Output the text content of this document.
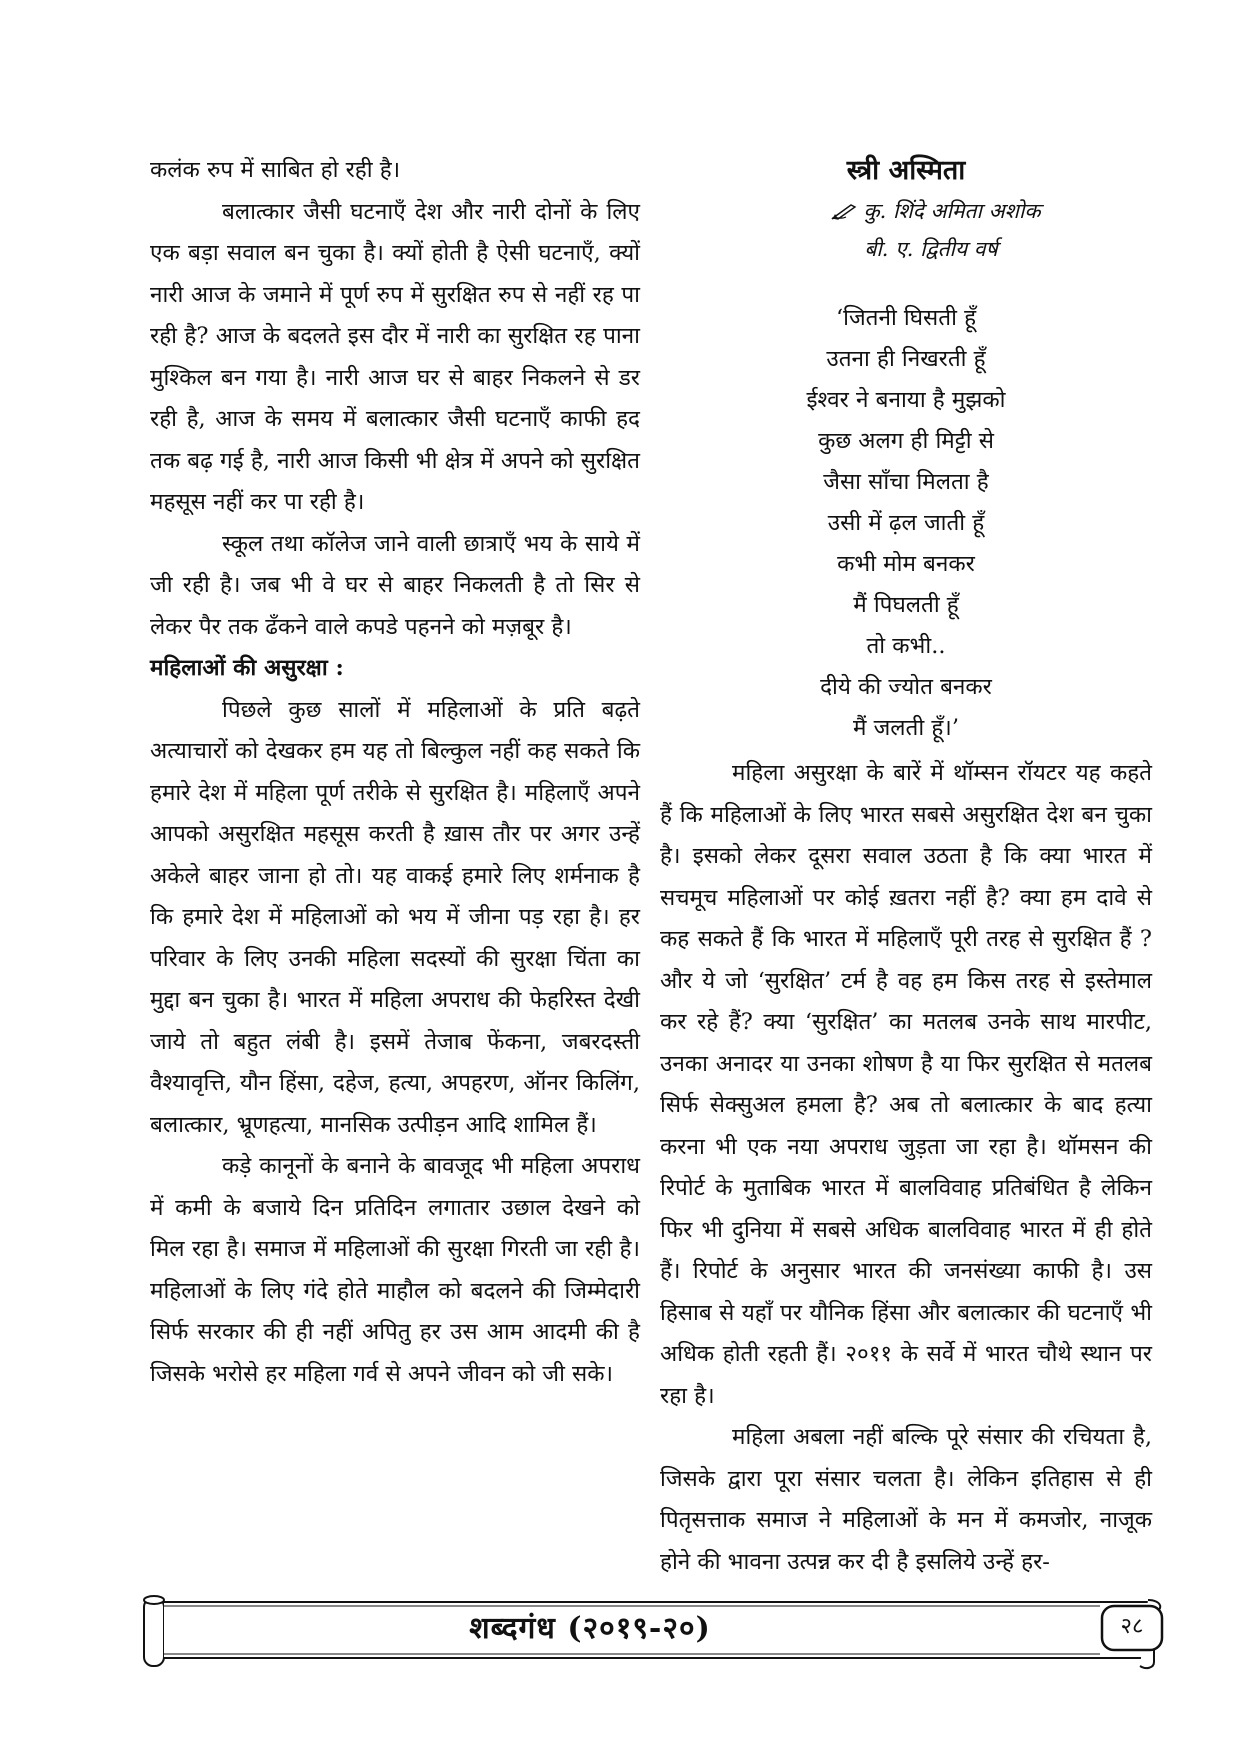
कलंक रुप में साबित हो रही है।

बलात्कार जैसी घटनाएँ देश और नारी दोनों के लिए एक बड़ा सवाल बन चुका है। क्यों होती है ऐसी घटनाएँ, क्यों नारी आज के जमाने में पूर्ण रुप में सुरक्षित रुप से नहीं रह पा रही है? आज के बदलते इस दौर में नारी का सुरक्षित रह पाना मुश्किल बन गया है। नारी आज घर से बाहर निकलने से डर रही है, आज के समय में बलात्कार जैसी घटनाएँ काफी हद तक बढ़ गई है, नारी आज किसी भी क्षेत्र में अपने को सुरक्षित महसूस नहीं कर पा रही है।

स्कूल तथा कॉलेज जाने वाली छात्राएँ भय के साये में जी रही है। जब भी वे घर से बाहर निकलती है तो सिर से लेकर पैर तक ढँकने वाले कपडे पहनने को मज़बूर है।

महिलाओं की असुरक्षा :

पिछले कुछ सालों में महिलाओं के प्रति बढ़ते अत्याचारों को देखकर हम यह तो बिल्कुल नहीं कह सकते कि हमारे देश में महिला पूर्ण तरीके से सुरक्षित है। महिलाएँ अपने आपको असुरक्षित महसूस करती है ख़ास तौर पर अगर उन्हें अकेले बाहर जाना हो तो। यह वाकई हमारे लिए शर्मनाक है कि हमारे देश में महिलाओं को भय में जीना पड़ रहा है। हर परिवार के लिए उनकी महिला सदस्यों की सुरक्षा चिंता का मुद्दा बन चुका है। भारत में महिला अपराध की फेहरिस्त देखी जाये तो बहुत लंबी है। इसमें तेजाब फेंकना, जबरदस्ती वैश्यावृत्ति, यौन हिंसा, दहेज, हत्या, अपहरण, ऑनर किलिंग, बलात्कार, भ्रूणहत्या, मानसिक उत्पीड़न आदि शामिल हैं।

कड़े कानूनों के बनाने के बावजूद भी महिला अपराध में कमी के बजाये दिन प्रतिदिन लगातार उछाल देखने को मिल रहा है। समाज में महिलाओं की सुरक्षा गिरती जा रही है। महिलाओं के लिए गंदे होते माहौल को बदलने की जिम्मेदारी सिर्फ सरकार की ही नहीं अपितु हर उस आम आदमी की है जिसके भरोसे हर महिला गर्व से अपने जीवन को जी सके।

स्त्री अस्मिता
कु. शिंदे अमिता अशोक
बी. ए. द्वितीय वर्ष
‘जितनी घिसती हूँ
उतना ही निखरती हूँ
ईश्वर ने बनाया है मुझको
कुछ अलग ही मिट्टी से
जैसा साँचा मिलता है
उसी में ढ़ल जाती हूँ
कभी मोम बनकर
मैं पिघलती हूँ
तो कभी..
दीये की ज्योत बनकर
मैं जलती हूँ।’

महिला असुरक्षा के बारें में थॉम्सन रॉयटर यह कहते हैं कि महिलाओं के लिए भारत सबसे असुरक्षित देश बन चुका है। इसको लेकर दूसरा सवाल उठता है कि क्या भारत में सचमूच महिलाओं पर कोई ख़तरा नहीं है? क्या हम दावे से कह सकते हैं कि भारत में महिलाएँ पूरी तरह से सुरक्षित हैं ? और ये जो ‘सुरक्षित’ टर्म है वह हम किस तरह से इस्तेमाल कर रहे हैं? क्या ‘सुरक्षित’ का मतलब उनके साथ मारपीट, उनका अनादर या उनका शोषण है या फिर सुरक्षित से मतलब सिर्फ सेक्सुअल हमला है? अब तो बलात्कार के बाद हत्या करना भी एक नया अपराध जुड़ता जा रहा है। थॉमसन की रिपोर्ट के मुताबिक भारत में बालविवाह प्रतिबंधित है लेकिन फिर भी दुनिया में सबसे अधिक बालविवाह भारत में ही होते हैं। रिपोर्ट के अनुसार भारत की जनसंख्या काफी है। उस हिसाब से यहाँ पर यौनिक हिंसा और बलात्कार की घटनाएँ भी अधिक होती रहती हैं। २०११ के सर्वे में भारत चौथे स्थान पर रहा है।

महिला अबला नहीं बल्कि पूरे संसार की रचियता है, जिसके द्वारा पूरा संसार चलता है। लेकिन इतिहास से ही पितृसत्ताक समाज ने महिलाओं के मन में कमजोर, नाजूक होने की भावना उत्पन्न कर दी है इसलिये उन्हें हर-

शब्दगंध (२०१९-२०)	२८
